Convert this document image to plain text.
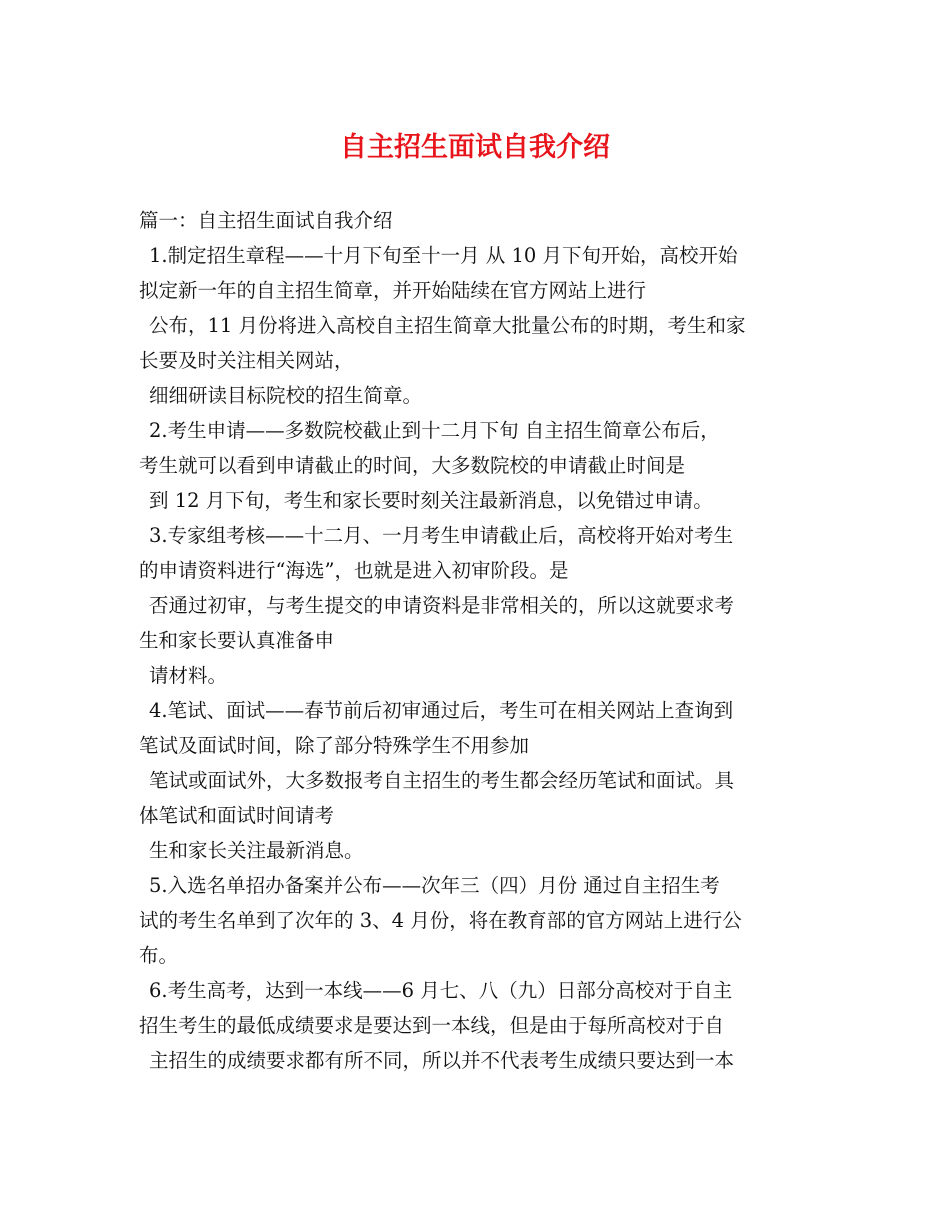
自主招生面试自我介绍
篇一：自主招生面试自我介绍
1.制定招生章程——十月下旬至十一月 从 10 月下旬开始，高校开始
拟定新一年的自主招生简章，并开始陆续在官方网站上进行
公布，11 月份将进入高校自主招生简章大批量公布的时期，考生和家
长要及时关注相关网站，
细细研读目标院校的招生简章。
2.考生申请——多数院校截止到十二月下旬 自主招生简章公布后，
考生就可以看到申请截止的时间，大多数院校的申请截止时间是
到 12 月下旬，考生和家长要时刻关注最新消息，以免错过申请。
3.专家组考核——十二月、一月考生申请截止后，高校将开始对考生
的申请资料进行“海选”，也就是进入初审阶段。是
否通过初审，与考生提交的申请资料是非常相关的，所以这就要求考
生和家长要认真准备申
请材料。
4.笔试、面试——春节前后初审通过后，考生可在相关网站上查询到
笔试及面试时间，除了部分特殊学生不用参加
笔试或面试外，大多数报考自主招生的考生都会经历笔试和面试。具
体笔试和面试时间请考
生和家长关注最新消息。
5.入选名单招办备案并公布——次年三（四）月份 通过自主招生考
试的考生名单到了次年的 3、4 月份，将在教育部的官方网站上进行公
布。
6.考生高考，达到一本线——6 月七、八（九）日部分高校对于自主
招生考生的最低成绩要求是要达到一本线，但是由于每所高校对于自
主招生的成绩要求都有所不同，所以并不代表考生成绩只要达到一本
